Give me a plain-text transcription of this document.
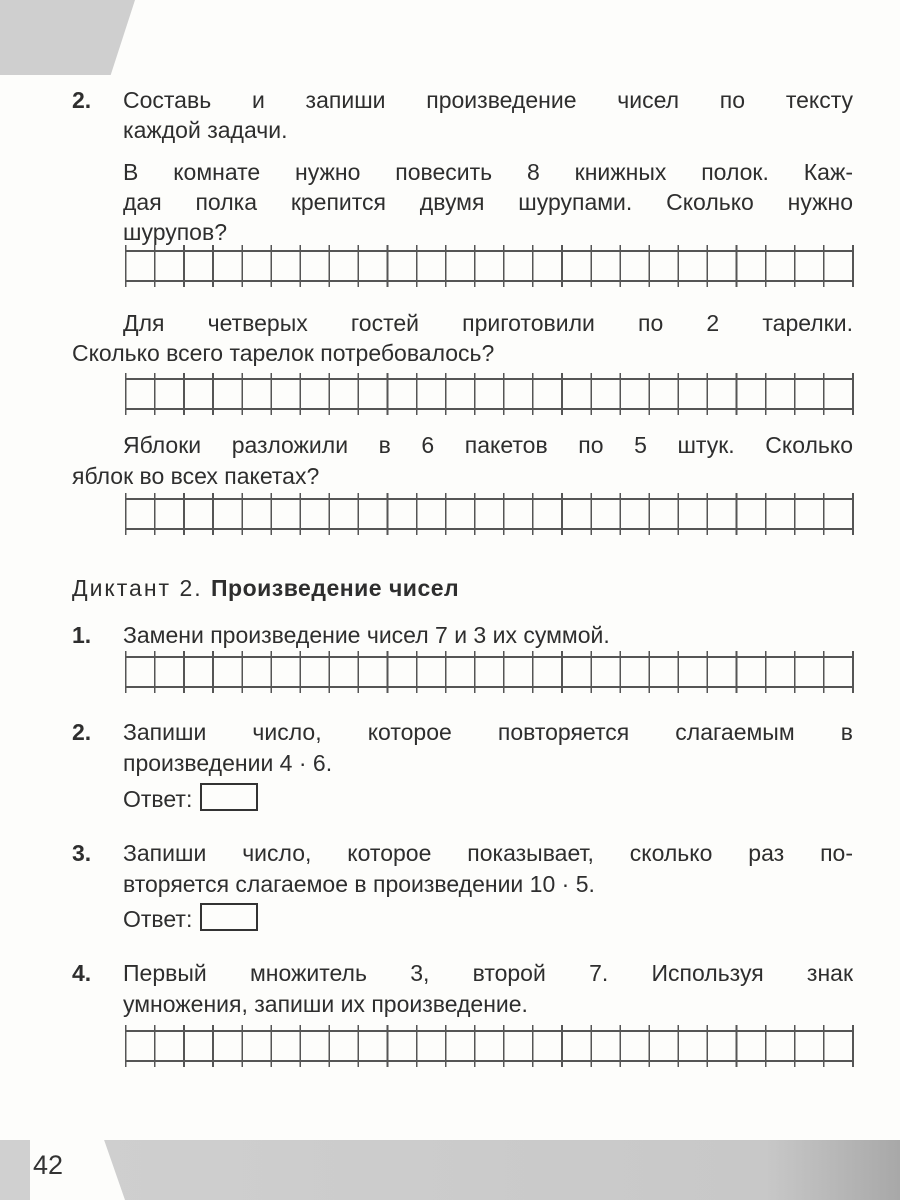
2. Составь и запиши произведение чисел по тексту
каждой задачи.
В комнате нужно повесить 8 книжных полок. Каж-
дая полка крепится двумя шурупами. Сколько нужно
шурупов?
Для четверых гостей приготовили по 2 тарелки.
Сколько всего тарелок потребовалось?
Яблоки разложили в 6 пакетов по 5 штук. Сколько
яблок во всех пакетах?
Диктант 2. Произведение чисел
1. Замени произведение чисел 7 и 3 их суммой.
2. Запиши число, которое повторяется слагаемым в
произведении 4 · 6.
Ответ:
3. Запиши число, которое показывает, сколько раз по-
вторяется слагаемое в произведении 10 · 5.
Ответ:
4. Первый множитель 3, второй 7. Используя знак
умножения, запиши их произведение.
42
